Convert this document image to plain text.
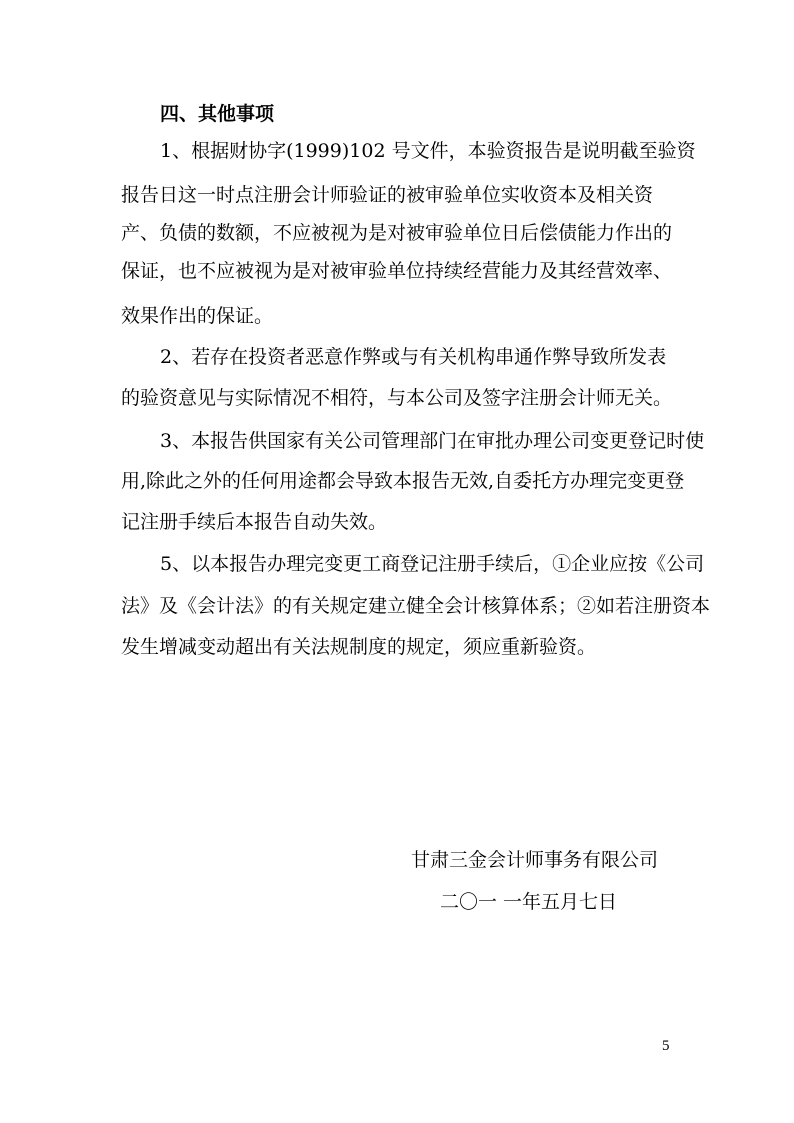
四、其他事项
1、根据财协字(1999)102 号文件，本验资报告是说明截至验资
报告日这一时点注册会计师验证的被审验单位实收资本及相关资
产、负债的数额，不应被视为是对被审验单位日后偿债能力作出的
保证，也不应被视为是对被审验单位持续经营能力及其经营效率、
效果作出的保证。
2、若存在投资者恶意作弊或与有关机构串通作弊导致所发表
的验资意见与实际情况不相符，与本公司及签字注册会计师无关。
3、本报告供国家有关公司管理部门在审批办理公司变更登记时使
用,除此之外的任何用途都会导致本报告无效,自委托方办理完变更登
记注册手续后本报告自动失效。
5、以本报告办理完变更工商登记注册手续后，①企业应按《公司
法》及《会计法》的有关规定建立健全会计核算体系；②如若注册资本
发生增减变动超出有关法规制度的规定，须应重新验资。
甘肃三金会计师事务有限公司
二〇一 一年五月七日
5
